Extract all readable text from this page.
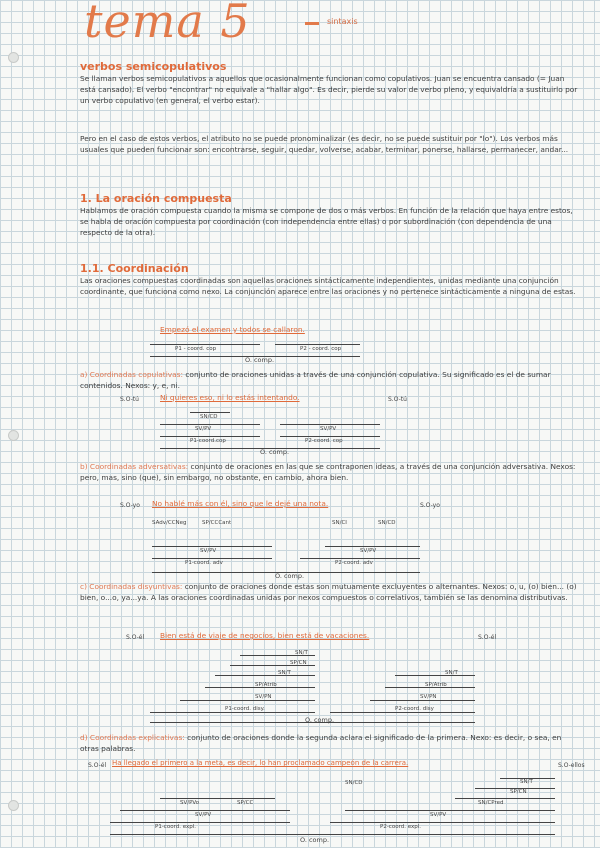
tema 5	sintaxis
verbos semicopulativos
Se llaman verbos semicopulativos a aquellos que ocasionalmente funcionan como copulativos. Juan se encuentra cansado (= Juan está cansado). El verbo "encontrar" no equivale a "hallar algo". Es decir, pierde su valor de verbo pleno, y equivaldría a sustituirlo por un verbo copulativo (en general, el verbo estar).
Pero en el caso de estos verbos, el atributo no se puede pronominalizar (es decir, no se puede sustituir por "lo"). Los verbos más usuales que pueden funcionar son: encontrarse, seguir, quedar, volverse, acabar, terminar, ponerse, hallarse, permanecer, andar...
1. La oración compuesta
Hablamos de oración compuesta cuando la misma se compone de dos o más verbos. En función de la relación que haya entre estos, se habla de oración compuesta por coordinación (con independencia entre ellas) o por subordinación (con dependencia de una respecto de la otra).
1.1. Coordinación
Las oraciones compuestas coordinadas son aquellas oraciones sintácticamente independientes, unidas mediante una conjunción coordinante, que funciona como nexo. La conjunción aparece entre las oraciones y no pertenece sintácticamente a ninguna de estas.
Empezó el examen y todos se callaron.
P1 - coord. cop	P2 - coord. cop
O. comp.
a) Coordinadas copulativas: conjunto de oraciones unidas a través de una conjunción copulativa. Su significado es el de sumar contenidos. Nexos: y, e, ni.
S.O-tú	Ni quieres eso, ni lo estás intentando.	S.O-tú
SN/CD
SV/PV	SV/PV
P1-coord.cop	P2-coord. cop
O. comp.
b) Coordinadas adversativas: conjunto de oraciones en las que se contraponen ideas, a través de una conjunción adversativa. Nexos: pero, mas, sino (que), sin embargo, no obstante, en cambio, ahora bien.
S.O-yo No hablé más con él, sino que le dejé una nota.	S.O-yo
SAdv/CCNeg	SP/CCCant	SN/CD
SN/CI
SV/PV	SV/PV
P1-coord. adv	P2-coord. adv
O. comp.
c) Coordinadas disyuntivas: conjunto de oraciones donde estas son mutuamente excluyentes o alternantes. Nexos: o, u, (o) bien... (o) bien, o...o, ya...ya. A las oraciones coordinadas unidas por nexos compuestos o correlativos, también se las denomina distributivas.
S.O-él Bien está de viaje de negocios, bien está de vacaciones.	S.O-él
SN/T
SP/CN
SN/T	SN/T
SP/Atrib	SP/Atrib
SV/PN	SV/PN
P1-coord. disy.	P2-coord. disy
O. comp.
d) Coordinadas explicativas: conjunto de oraciones donde la segunda aclara el significado de la primera. Nexo: es decir, o sea, en otras palabras.
S.O-él Ha llegado el primero a la meta, es decir, lo han proclamado campeón de la carrera.	S.O-ellos
SN/CD	SN/T
SP/CN
SV/PVo	SP/CC	SN/CPred
SV/PV	SV/PV
P1-coord. expl.	P2-coord. expl.
O. comp.
